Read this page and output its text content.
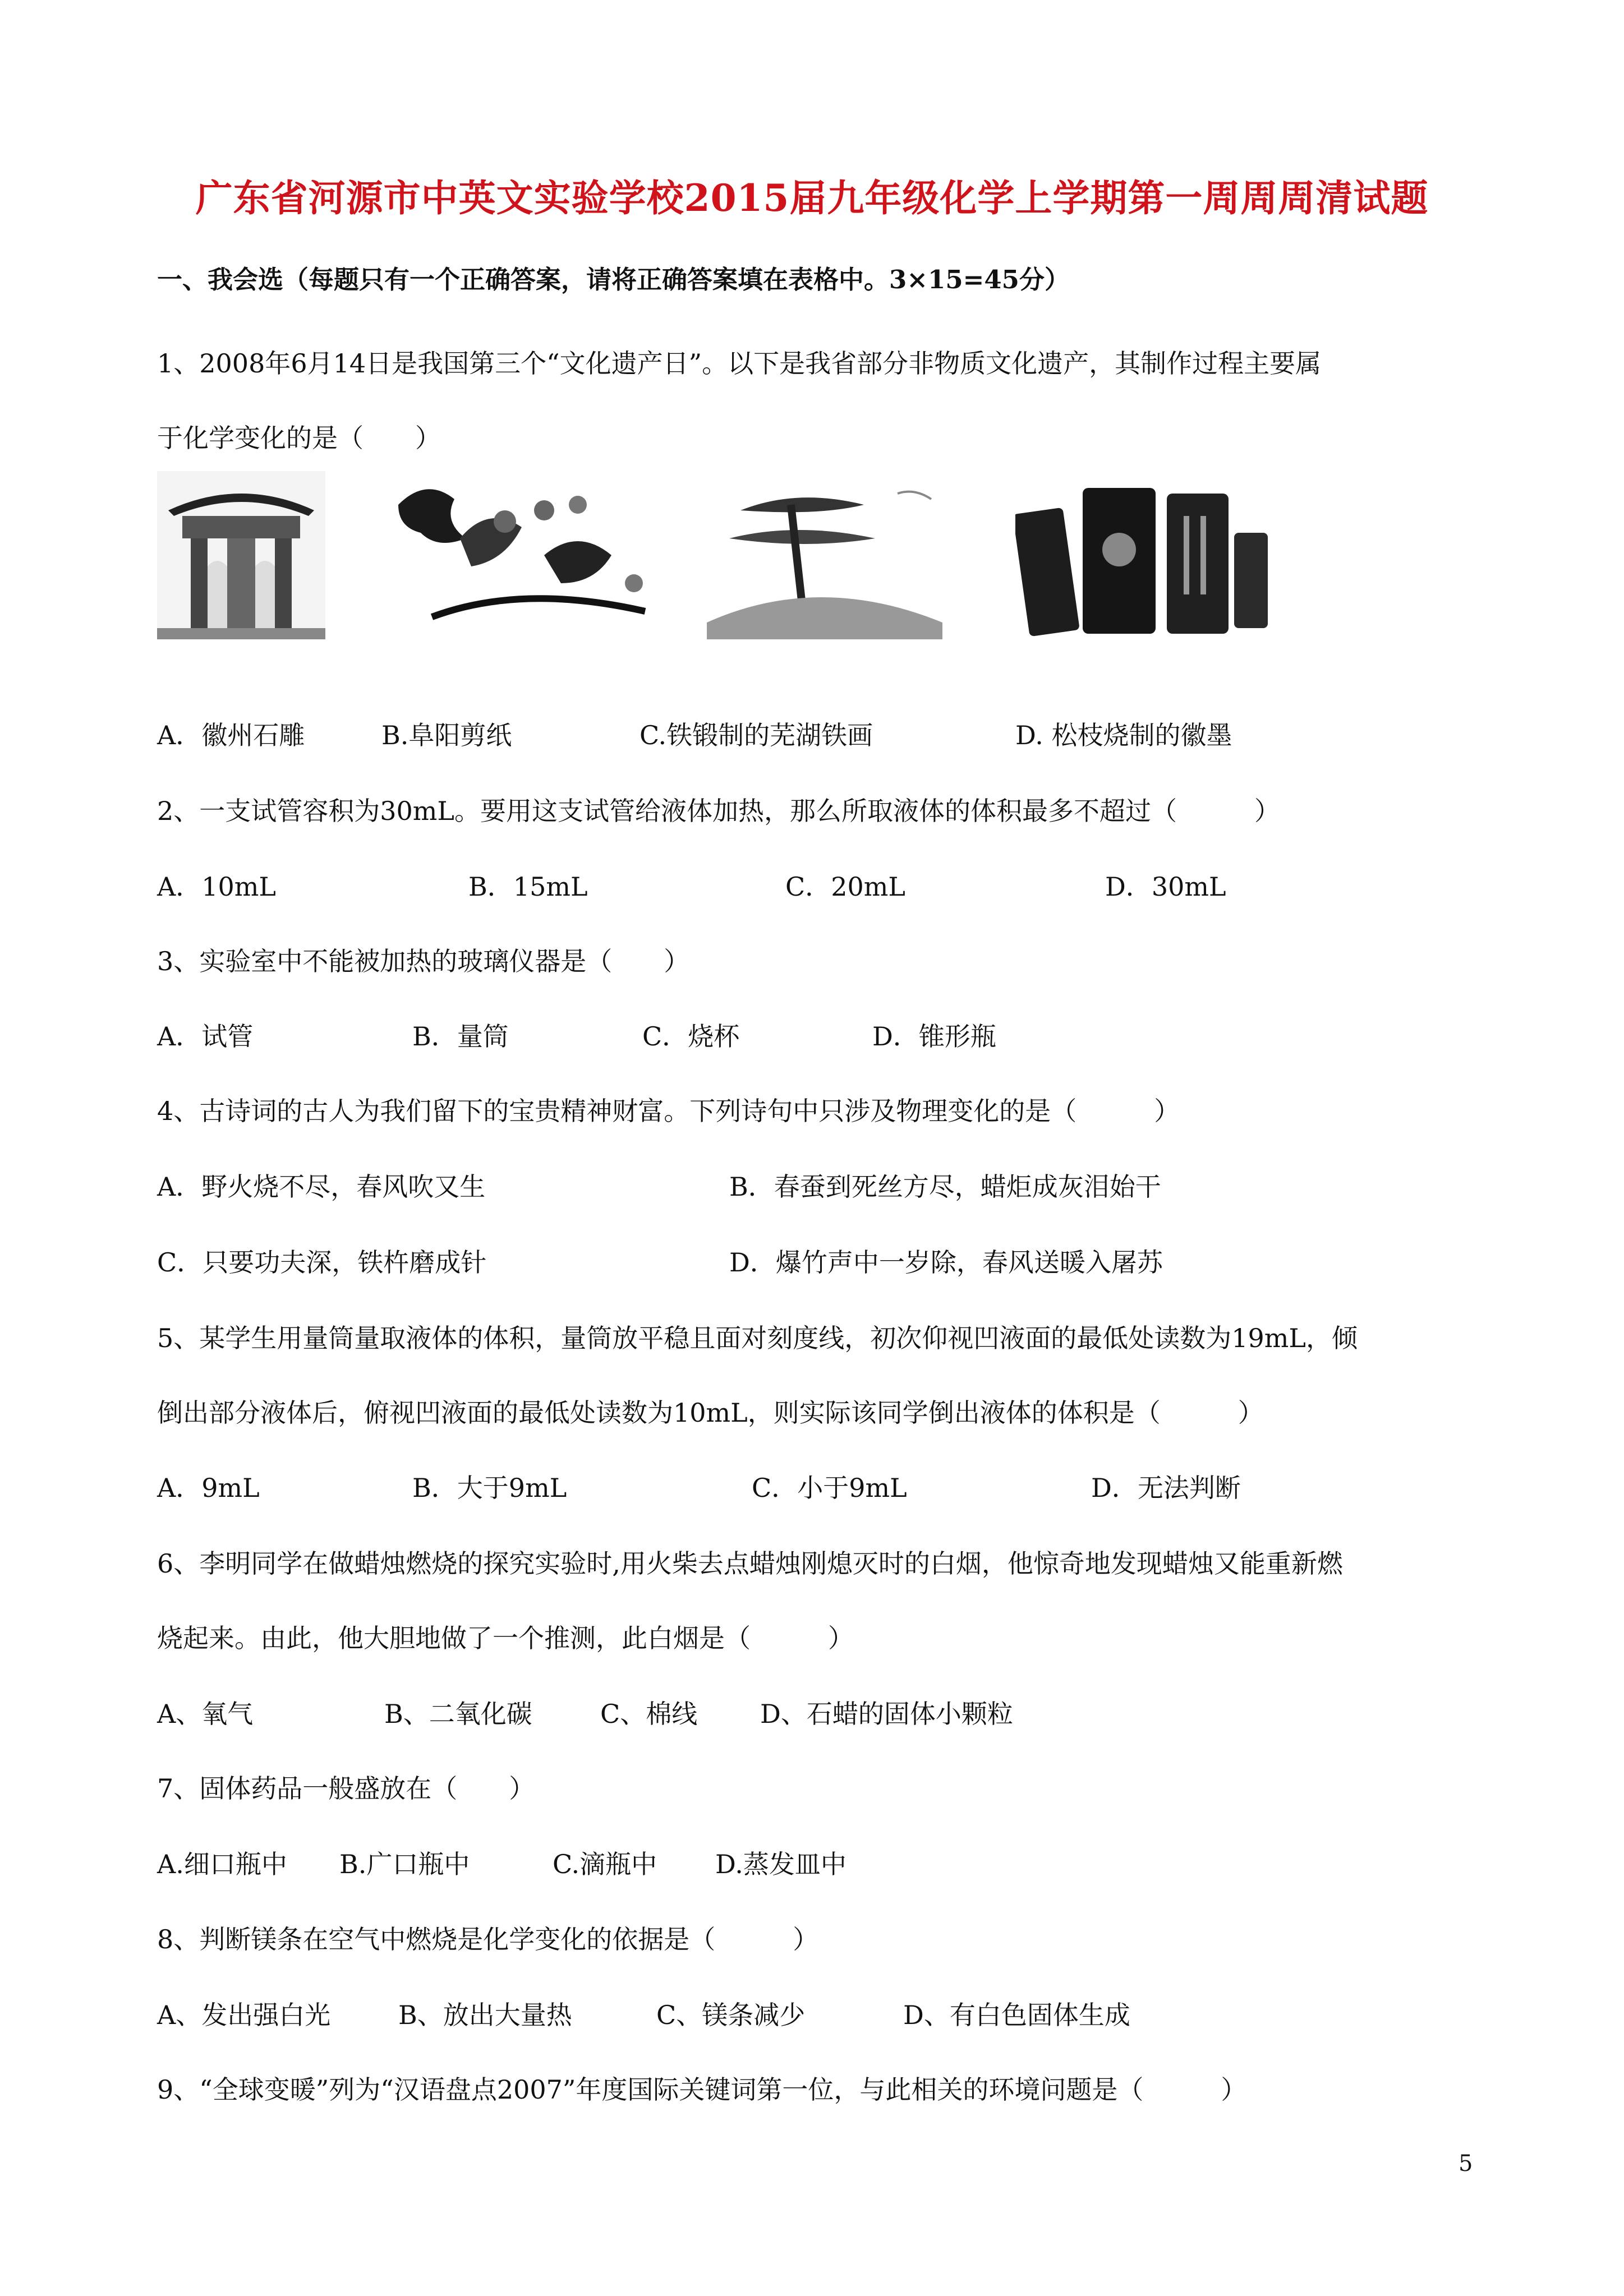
广东省河源市中英文实验学校2015届九年级化学上学期第一周周周清试题
一、我会选（每题只有一个正确答案，请将正确答案填在表格中。3×15=45分）
1、2008年6月14日是我国第三个“文化遗产日”。以下是我省部分非物质文化遗产，其制作过程主要属
于化学变化的是（　　）
A．徽州石雕	B.阜阳剪纸	C.铁锻制的芜湖铁画	D. 松枝烧制的徽墨
2、一支试管容积为30mL。要用这支试管给液体加热，那么所取液体的体积最多不超过（　　　）
A．10mL	B．15mL	C．20mL	D．30mL
3、实验室中不能被加热的玻璃仪器是（　　）
A．试管	B．量筒	C．烧杯	D．锥形瓶
4、古诗词的古人为我们留下的宝贵精神财富。下列诗句中只涉及物理变化的是（　　　）
A．野火烧不尽，春风吹又生	B．春蚕到死丝方尽，蜡炬成灰泪始干
C．只要功夫深，铁杵磨成针	D．爆竹声中一岁除，春风送暖入屠苏
5、某学生用量筒量取液体的体积，量筒放平稳且面对刻度线，初次仰视凹液面的最低处读数为19mL，倾
倒出部分液体后，俯视凹液面的最低处读数为10mL，则实际该同学倒出液体的体积是（　　　）
A．9mL	B．大于9mL	C．小于9mL	D．无法判断
6、李明同学在做蜡烛燃烧的探究实验时,用火柴去点蜡烛刚熄灭时的白烟，他惊奇地发现蜡烛又能重新燃
烧起来。由此，他大胆地做了一个推测，此白烟是（　　　）
A、氧气	B、二氧化碳	C、棉线 D、石蜡的固体小颗粒
7、固体药品一般盛放在（　　）
A.细口瓶中 B.广口瓶中	C.滴瓶中 D.蒸发皿中
8、判断镁条在空气中燃烧是化学变化的依据是（　　　）
A、发出强白光	B、放出大量热	C、镁条减少	D、有白色固体生成
9、“全球变暖”列为“汉语盘点2007”年度国际关键词第一位，与此相关的环境问题是（　　　）
5
